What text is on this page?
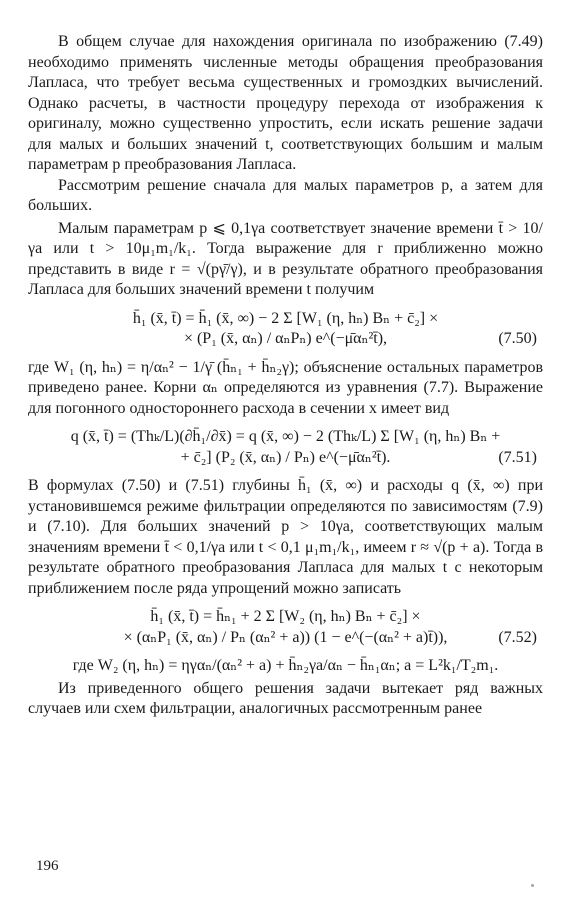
В общем случае для нахождения оригинала по изображению (7.49) необходимо применять численные методы обращения преобразования Лапласа, что требует весьма существенных и громоздких вычислений. Однако расчеты, в частности процедуру перехода от изображения к оригиналу, можно существенно упростить, если искать решение задачи для малых и больших значений t, соответствующих большим и малым параметрам p преобразования Лапласа.

Рассмотрим решение сначала для малых параметров p, а затем для больших.

Малым параметрам p ⩽ 0,1γa соответствует значение времени t̄ > 10/γa или t > 10μ₁m₁/k₁. Тогда выражение для r приближенно можно представить в виде r = √(pγ̄/γ), и в результате обратного преобразования Лапласа для больших значений времени t получим

h̄₁ (x̄, t̄) = h̄₁ (x̄, ∞) − 2 Σ [W₁ (η, hₙ) Bₙ + c̄₂] ×
× (P₁ (x̄, αₙ) / αₙPₙ) e^(−μ̄αₙ²t̄),	(7.50)

где W₁ (η, hₙ) = η/αₙ² − 1/γ̄ (h̄ₙ₁ + h̄ₙ₂γ); объяснение остальных параметров приведено ранее. Корни αₙ определяются из уравнения (7.7). Выражение для погонного одностороннего расхода в сечении x имеет вид

q (x̄, t̄) = (Thₖ/L)(∂h̄₁/∂x̄) = q (x̄, ∞) − 2 (Thₖ/L) Σ [W₁ (η, hₙ) Bₙ +
+ c̄₂] (P₂ (x̄, αₙ) / Pₙ) e^(−μ̄αₙ²t̄).	(7.51)

В формулах (7.50) и (7.51) глубины h̄₁ (x̄, ∞) и расходы q (x̄, ∞) при установившемся режиме фильтрации определяются по зависимостям (7.9) и (7.10). Для больших значений p > 10γa, соответствующих малым значениям времени t̄ < 0,1/γa или t < 0,1 μ₁m₁/k₁, имеем r ≈ √(p + a). Тогда в результате обратного преобразования Лапласа для малых t с некоторым приближением после ряда упрощений можно записать

h̄₁ (x̄, t̄) = h̄ₙ₁ + 2 Σ [W₂ (η, hₙ) Bₙ + c̄₂] ×
× (αₙP₁ (x̄, αₙ) / Pₙ (αₙ² + a)) (1 − e^(−(αₙ² + a)t̄)),	(7.52)

где W₂ (η, hₙ) = ηγαₙ/(αₙ² + a) + h̄ₙ₂γa/αₙ − h̄ₙ₁αₙ; a = L²k₁/T₂m₁.

Из приведенного общего решения задачи вытекает ряд важных случаев или схем фильтрации, аналогичных рассмотренным ранее

196
